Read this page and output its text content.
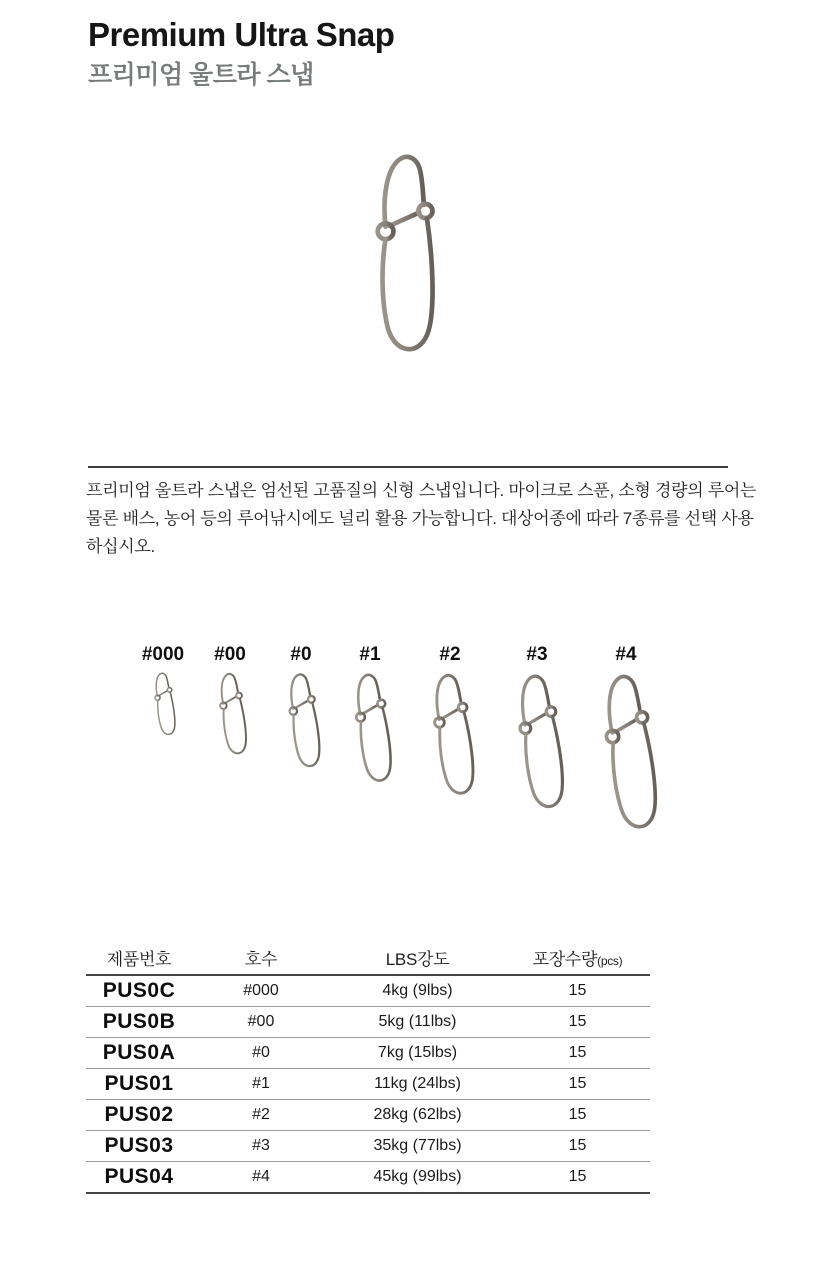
Premium Ultra Snap
프리미엄 울트라 스냅
프리미엄 울트라 스냅은 엄선된 고품질의 신형 스냅입니다. 마이크로 스푼, 소형 경량의 루어는
물론 배스, 농어 등의 루어낚시에도 널리 활용 가능합니다. 대상어종에 따라 7종류를 선택 사용
하십시오.
#000	#00	#0	#1	#2	#3	#4
제품번호	호수	LBS강도	포장수량(pcs)
PUS0C	#000	4kg (9lbs)	15
PUS0B	#00	5kg (11lbs)	15
PUS0A	#0	7kg (15lbs)	15
PUS01	#1	11kg (24lbs)	15
PUS02	#2	28kg (62lbs)	15
PUS03	#3	35kg (77lbs)	15
PUS04	#4	45kg (99lbs)	15
